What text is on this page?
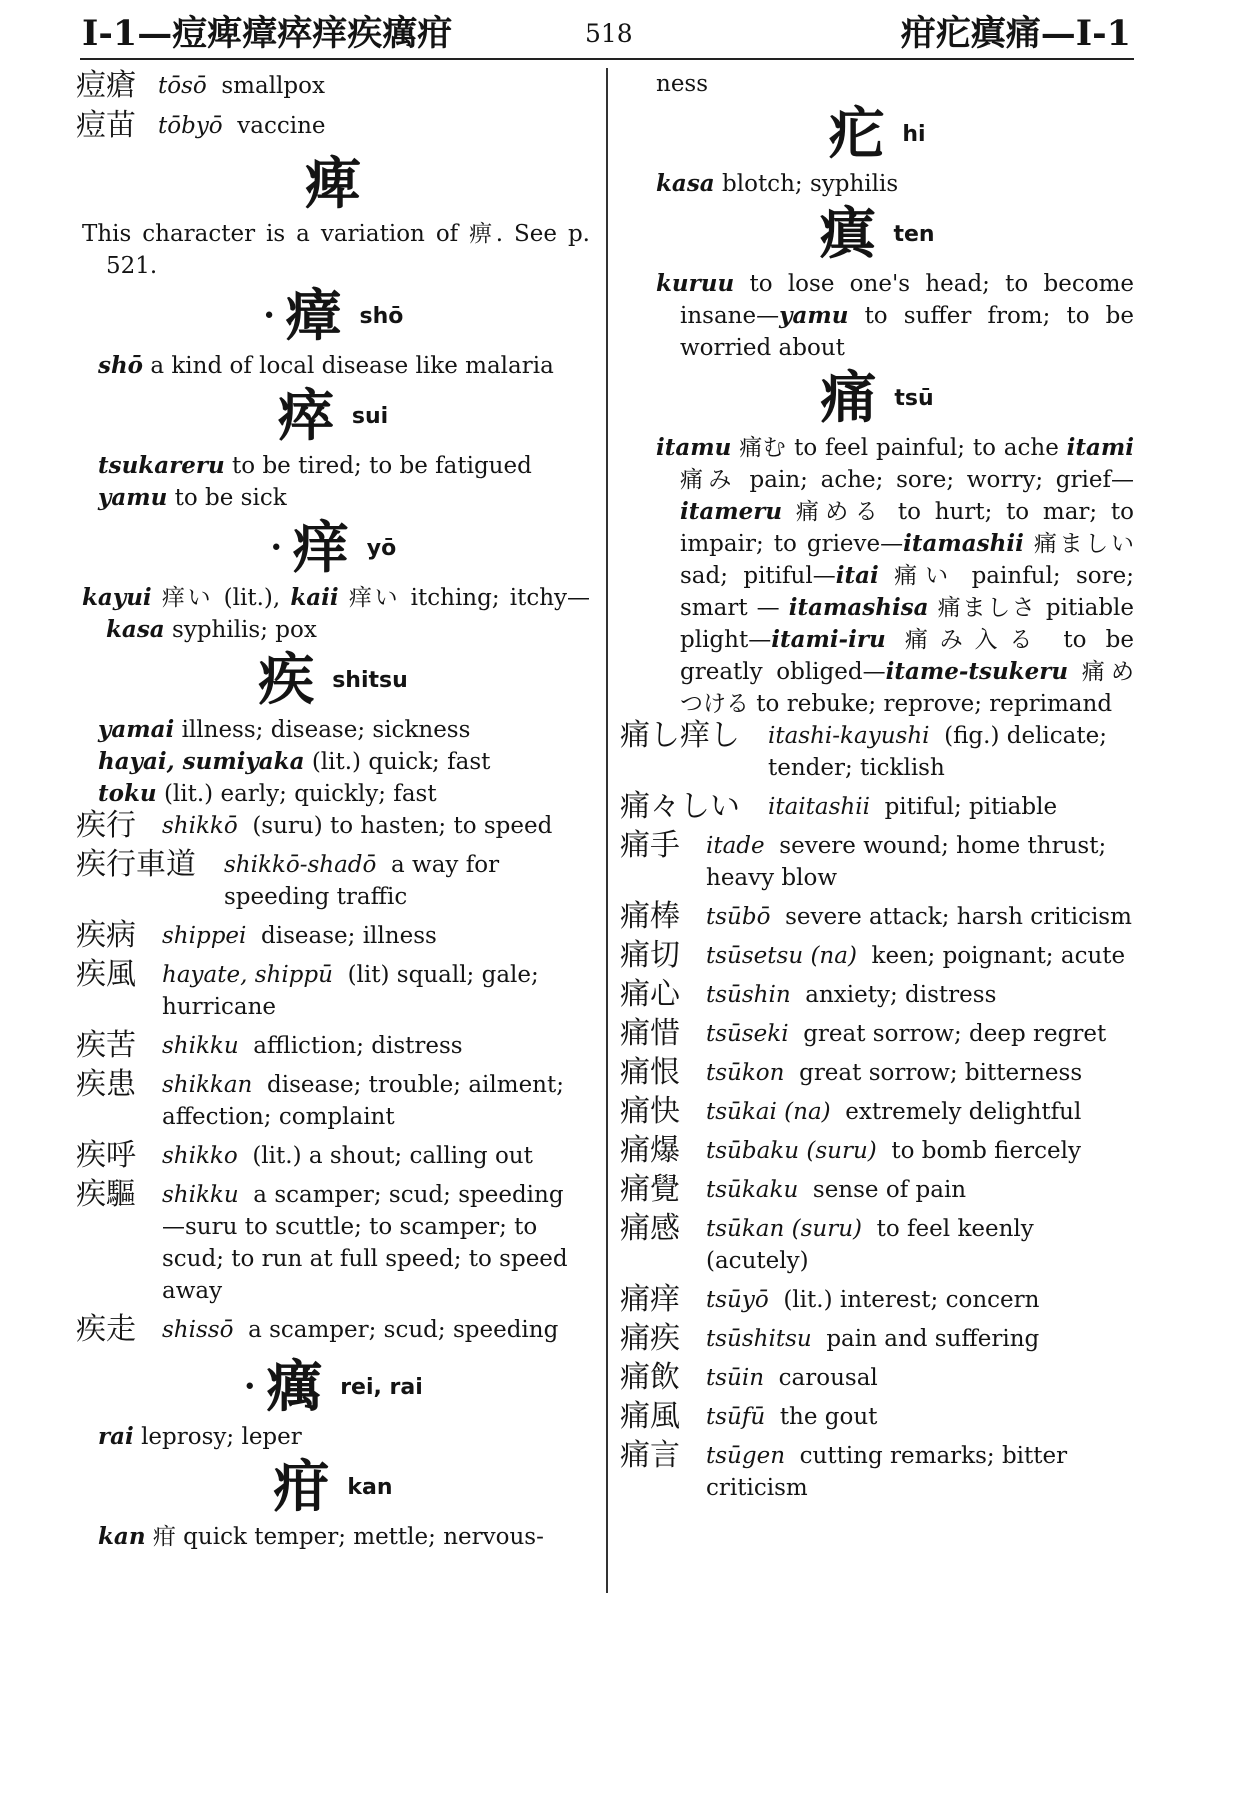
I-1—痘痺瘴瘁痒疾癘疳	518	疳疕瘨痛—I-1
痘瘡 tōsō smallpox
痘苗 tōbyō vaccine
痺
This character is a variation of 痹. See p. 521.
• 瘴 shō
shō a kind of local disease like malaria
瘁 sui
tsukareru to be tired; to be fatigued
yamu to be sick
• 痒 yō
kayui 痒い (lit.), kaii 痒い itching; itchy—kasa syphilis; pox
疾 shitsu
yamai illness; disease; sickness
hayai, sumiyaka (lit.) quick; fast
toku (lit.) early; quickly; fast
疾行 shikkō (suru) to hasten; to speed
疾行車道 shikkō-shadō a way for speeding traffic
疾病 shippei disease; illness
疾風 hayate, shippū (lit) squall; gale; hurricane
疾苦 shikku affliction; distress
疾患 shikkan disease; trouble; ailment; affection; complaint
疾呼 shikko (lit.) a shout; calling out
疾驅 shikku a scamper; scud; speeding —suru to scuttle; to scamper; to scud; to run at full speed; to speed away
疾走 shissō a scamper; scud; speeding
• 癘 rei, rai
rai leprosy; leper
疳 kan
kan 疳 quick temper; mettle; nervous-
ness
疕 hi
kasa blotch; syphilis
瘨 ten
kuruu to lose one's head; to become insane—yamu to suffer from; to be worried about
痛 tsū
itamu 痛む to feel painful; to ache itami 痛み pain; ache; sore; worry; grief—itameru 痛める to hurt; to mar; to impair; to grieve—itamashii 痛ましい sad; pitiful—itai 痛い painful; sore; smart — itamashisa 痛ましさ pitiable plight—itami-iru 痛み入る to be greatly obliged—itame-tsukeru 痛めつける to rebuke; reprove; reprimand
痛し痒し itashi-kayushi (fig.) delicate; tender; ticklish
痛々しい itaitashii pitiful; pitiable
痛手 itade severe wound; home thrust; heavy blow
痛棒 tsūbō severe attack; harsh criticism
痛切 tsūsetsu (na) keen; poignant; acute
痛心 tsūshin anxiety; distress
痛惜 tsūseki great sorrow; deep regret
痛恨 tsūkon great sorrow; bitterness
痛快 tsūkai (na) extremely delightful
痛爆 tsūbaku (suru) to bomb fiercely
痛覺 tsūkaku sense of pain
痛感 tsūkan (suru) to feel keenly (acutely)
痛痒 tsūyō (lit.) interest; concern
痛疾 tsūshitsu pain and suffering
痛飲 tsūin carousal
痛風 tsūfū the gout
痛言 tsūgen cutting remarks; bitter criticism
